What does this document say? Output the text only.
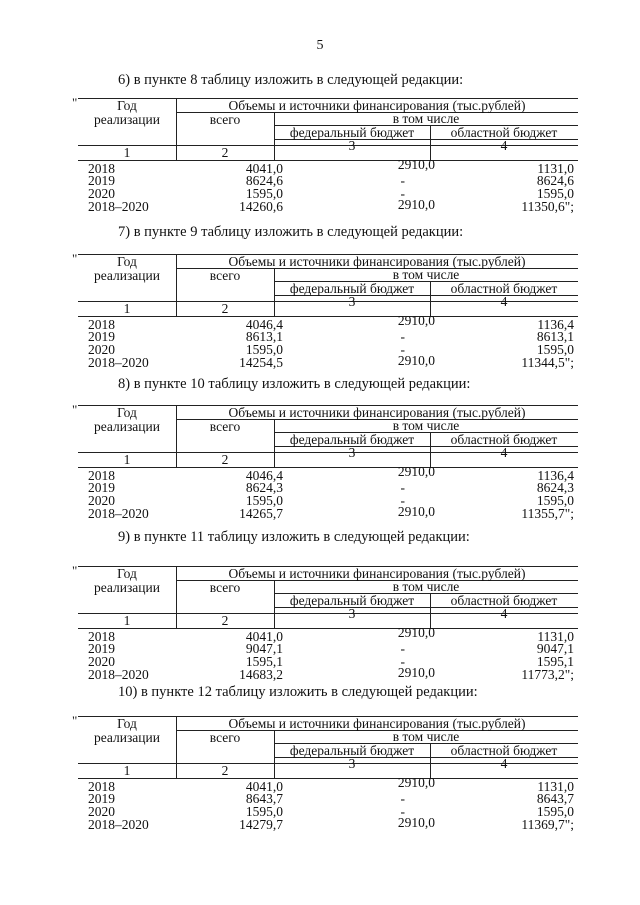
5
6) в пункте 8 таблицу изложить в следующей редакции:
"	Год
реализации
Объемы и источники финансирования (тыс.рублей)
всего	в том числе
федеральный бюджет	областной бюджет
1	2	3	4
2018	4041,0	2910,0	1131,0
2019	8624,6	-	8624,6
2020	1595,0	-	1595,0
2018–2020	14260,6	2910,0	11350,6";
7) в пункте 9 таблицу изложить в следующей редакции:
"	Год
реализации
Объемы и источники финансирования (тыс.рублей)
всего	в том числе
федеральный бюджет	областной бюджет
1	2	3	4
2018	4046,4	2910,0	1136,4
2019	8613,1	-	8613,1
2020	1595,0	-	1595,0
2018–2020	14254,5	2910,0	11344,5";
8) в пункте 10 таблицу изложить в следующей редакции:
"	Год
реализации
Объемы и источники финансирования (тыс.рублей)
всего	в том числе
федеральный бюджет	областной бюджет
1	2	3	4
2018	4046,4	2910,0	1136,4
2019	8624,3	-	8624,3
2020	1595,0	-	1595,0
2018–2020	14265,7	2910,0	11355,7";
9) в пункте 11 таблицу изложить в следующей редакции:
"	Год
реализации
Объемы и источники финансирования (тыс.рублей)
всего	в том числе
федеральный бюджет	областной бюджет
1	2	3	4
2018	4041,0	2910,0	1131,0
2019	9047,1	-	9047,1
2020	1595,1	-	1595,1
2018–2020	14683,2	2910,0	11773,2";
10) в пункте 12 таблицу изложить в следующей редакции:
"	Год
реализации
Объемы и источники финансирования (тыс.рублей)
всего	в том числе
федеральный бюджет	областной бюджет
1	2	3	4
2018	4041,0	2910,0	1131,0
2019	8643,7	-	8643,7
2020	1595,0	-	1595,0
2018–2020	14279,7	2910,0	11369,7";
